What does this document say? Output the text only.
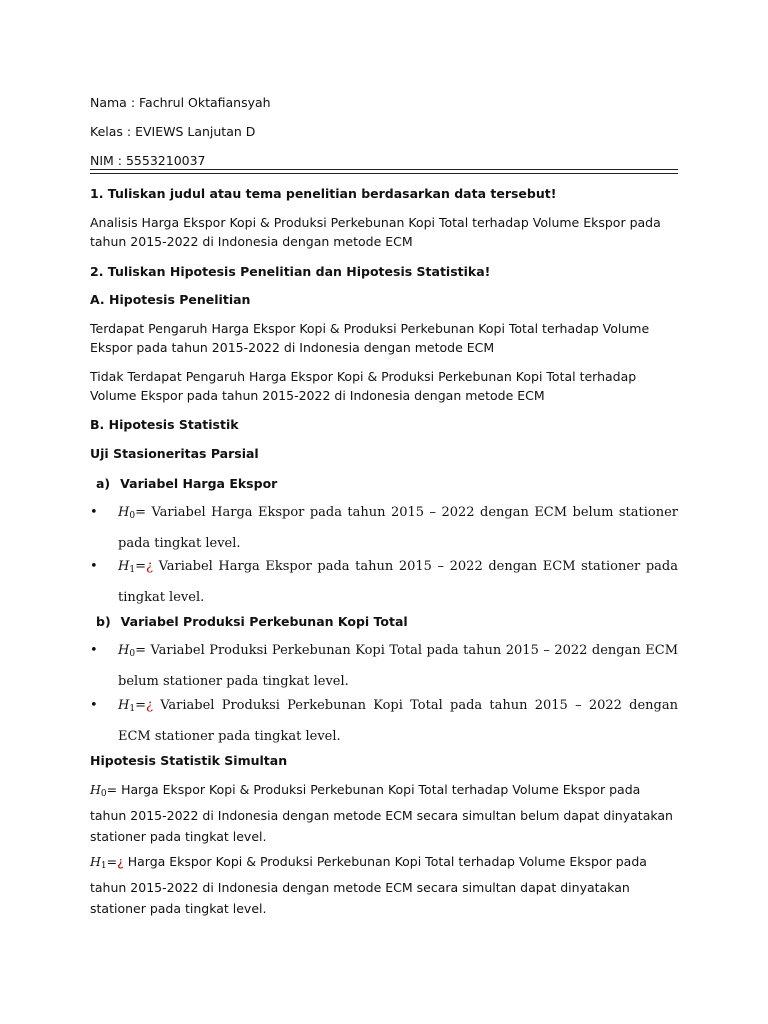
Nama : Fachrul Oktafiansyah
Kelas : EVIEWS Lanjutan D
NIM : 5553210037
1. Tuliskan judul atau tema penelitian berdasarkan data tersebut!
Analisis Harga Ekspor Kopi & Produksi Perkebunan Kopi Total terhadap Volume Ekspor pada tahun 2015-2022 di Indonesia dengan metode ECM
2. Tuliskan Hipotesis Penelitian dan Hipotesis Statistika!
A. Hipotesis Penelitian
Terdapat Pengaruh Harga Ekspor Kopi & Produksi Perkebunan Kopi Total terhadap Volume Ekspor pada tahun 2015-2022 di Indonesia dengan metode ECM
Tidak Terdapat Pengaruh Harga Ekspor Kopi & Produksi Perkebunan Kopi Total terhadap Volume Ekspor pada tahun 2015-2022 di Indonesia dengan metode ECM
B. Hipotesis Statistik
Uji Stasioneritas Parsial
a) Variabel Harga Ekspor
• $H_0=$ Variabel Harga Ekspor pada tahun 2015 – 2022 dengan ECM belum stationer pada tingkat level.
• $H_1=¿$ Variabel Harga Ekspor pada tahun 2015 – 2022 dengan ECM stationer pada tingkat level.
b) Variabel Produksi Perkebunan Kopi Total
• $H_0=$ Variabel Produksi Perkebunan Kopi Total pada tahun 2015 – 2022 dengan ECM belum stationer pada tingkat level.
• $H_1=¿$ Variabel Produksi Perkebunan Kopi Total pada tahun 2015 – 2022 dengan ECM stationer pada tingkat level.
Hipotesis Statistik Simultan
$H_0=$ Harga Ekspor Kopi & Produksi Perkebunan Kopi Total terhadap Volume Ekspor pada tahun 2015-2022 di Indonesia dengan metode ECM secara simultan belum dapat dinyatakan stationer pada tingkat level.
$H_1=¿$ Harga Ekspor Kopi & Produksi Perkebunan Kopi Total terhadap Volume Ekspor pada tahun 2015-2022 di Indonesia dengan metode ECM secara simultan dapat dinyatakan stationer pada tingkat level.
